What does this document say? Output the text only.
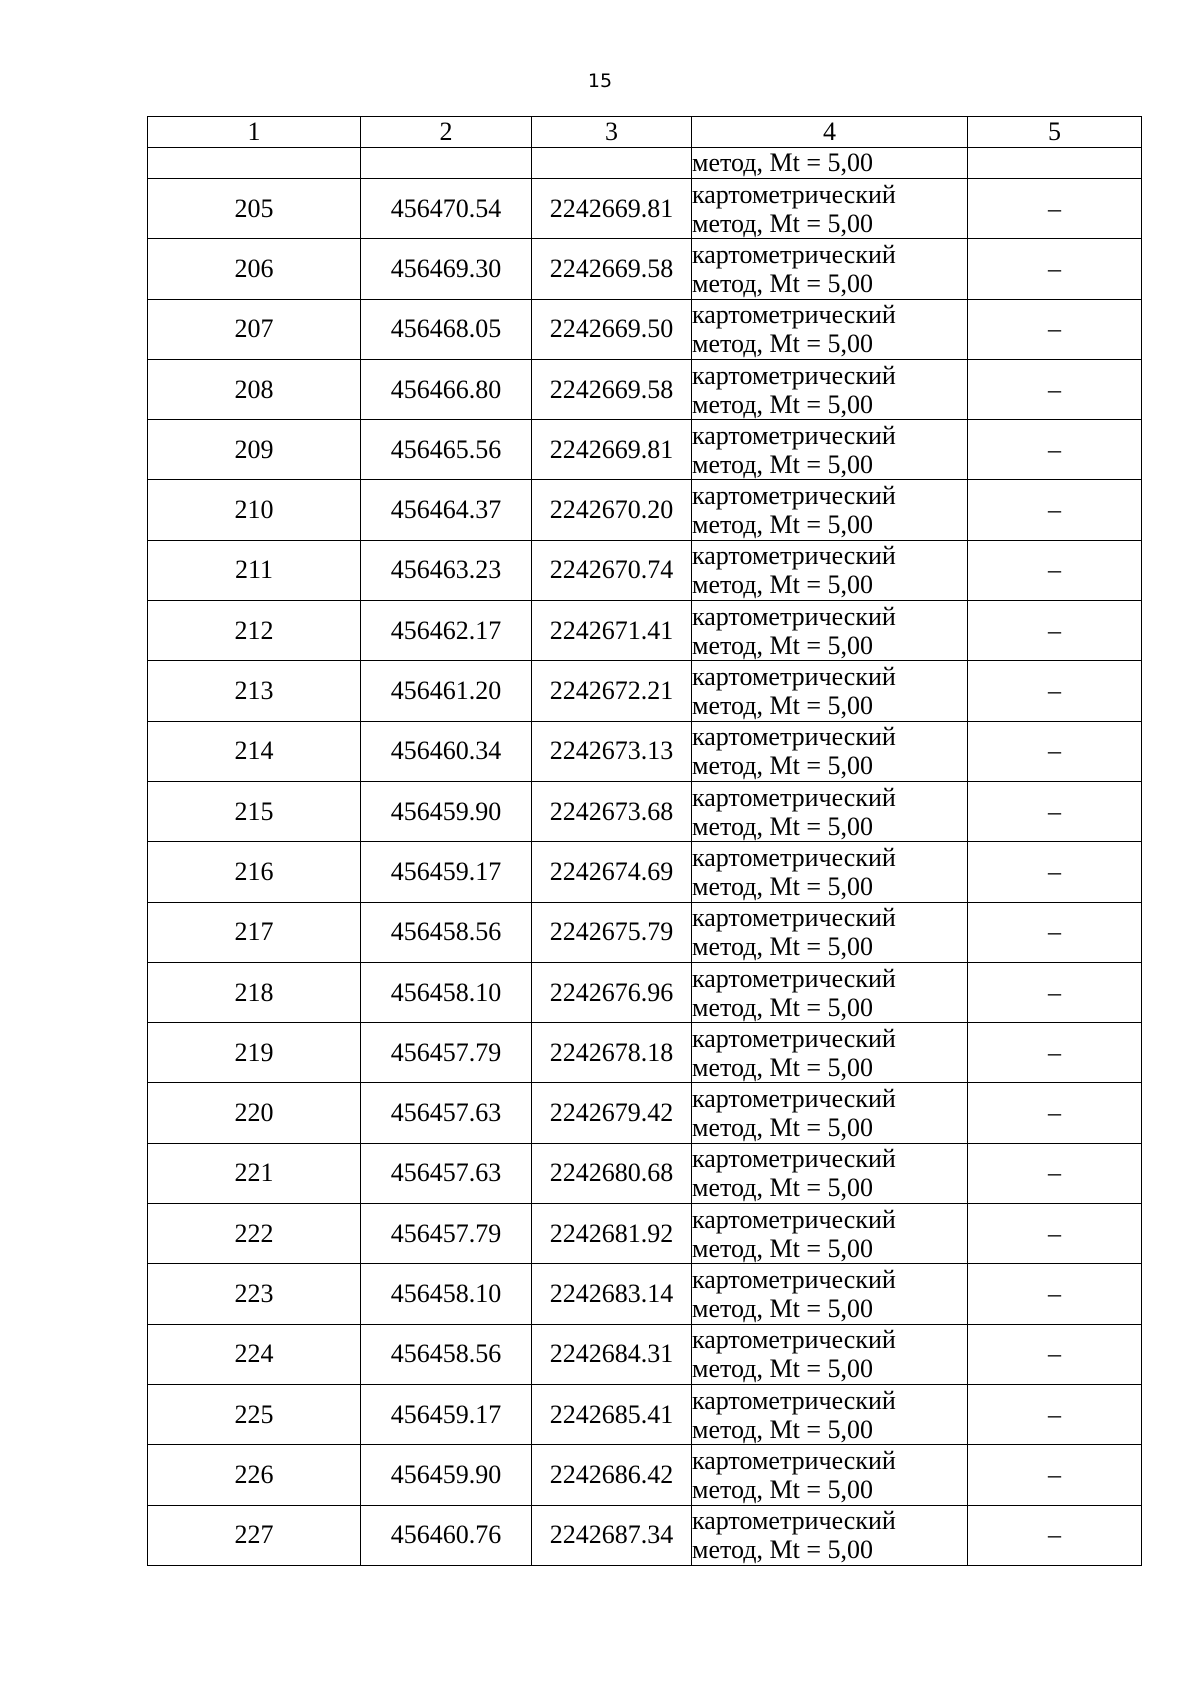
15
1	2	3	4	5

			метод, Mt = 5,00	

205	456470.54	2242669.81	картометрический
метод, Mt = 5,00	–
206	456469.30	2242669.58	картометрический
метод, Mt = 5,00	–
207	456468.05	2242669.50	картометрический
метод, Mt = 5,00	–
208	456466.80	2242669.58	картометрический
метод, Mt = 5,00	–
209	456465.56	2242669.81	картометрический
метод, Mt = 5,00	–
210	456464.37	2242670.20	картометрический
метод, Mt = 5,00	–
211	456463.23	2242670.74	картометрический
метод, Mt = 5,00	–
212	456462.17	2242671.41	картометрический
метод, Mt = 5,00	–
213	456461.20	2242672.21	картометрический
метод, Mt = 5,00	–
214	456460.34	2242673.13	картометрический
метод, Mt = 5,00	–
215	456459.90	2242673.68	картометрический
метод, Mt = 5,00	–
216	456459.17	2242674.69	картометрический
метод, Mt = 5,00	–
217	456458.56	2242675.79	картометрический
метод, Mt = 5,00	–
218	456458.10	2242676.96	картометрический
метод, Mt = 5,00	–
219	456457.79	2242678.18	картометрический
метод, Mt = 5,00	–
220	456457.63	2242679.42	картометрический
метод, Mt = 5,00	–
221	456457.63	2242680.68	картометрический
метод, Mt = 5,00	–
222	456457.79	2242681.92	картометрический
метод, Mt = 5,00	–
223	456458.10	2242683.14	картометрический
метод, Mt = 5,00	–
224	456458.56	2242684.31	картометрический
метод, Mt = 5,00	–
225	456459.17	2242685.41	картометрический
метод, Mt = 5,00	–
226	456459.90	2242686.42	картометрический
метод, Mt = 5,00	–
227	456460.76	2242687.34	картометрический
метод, Mt = 5,00	–
